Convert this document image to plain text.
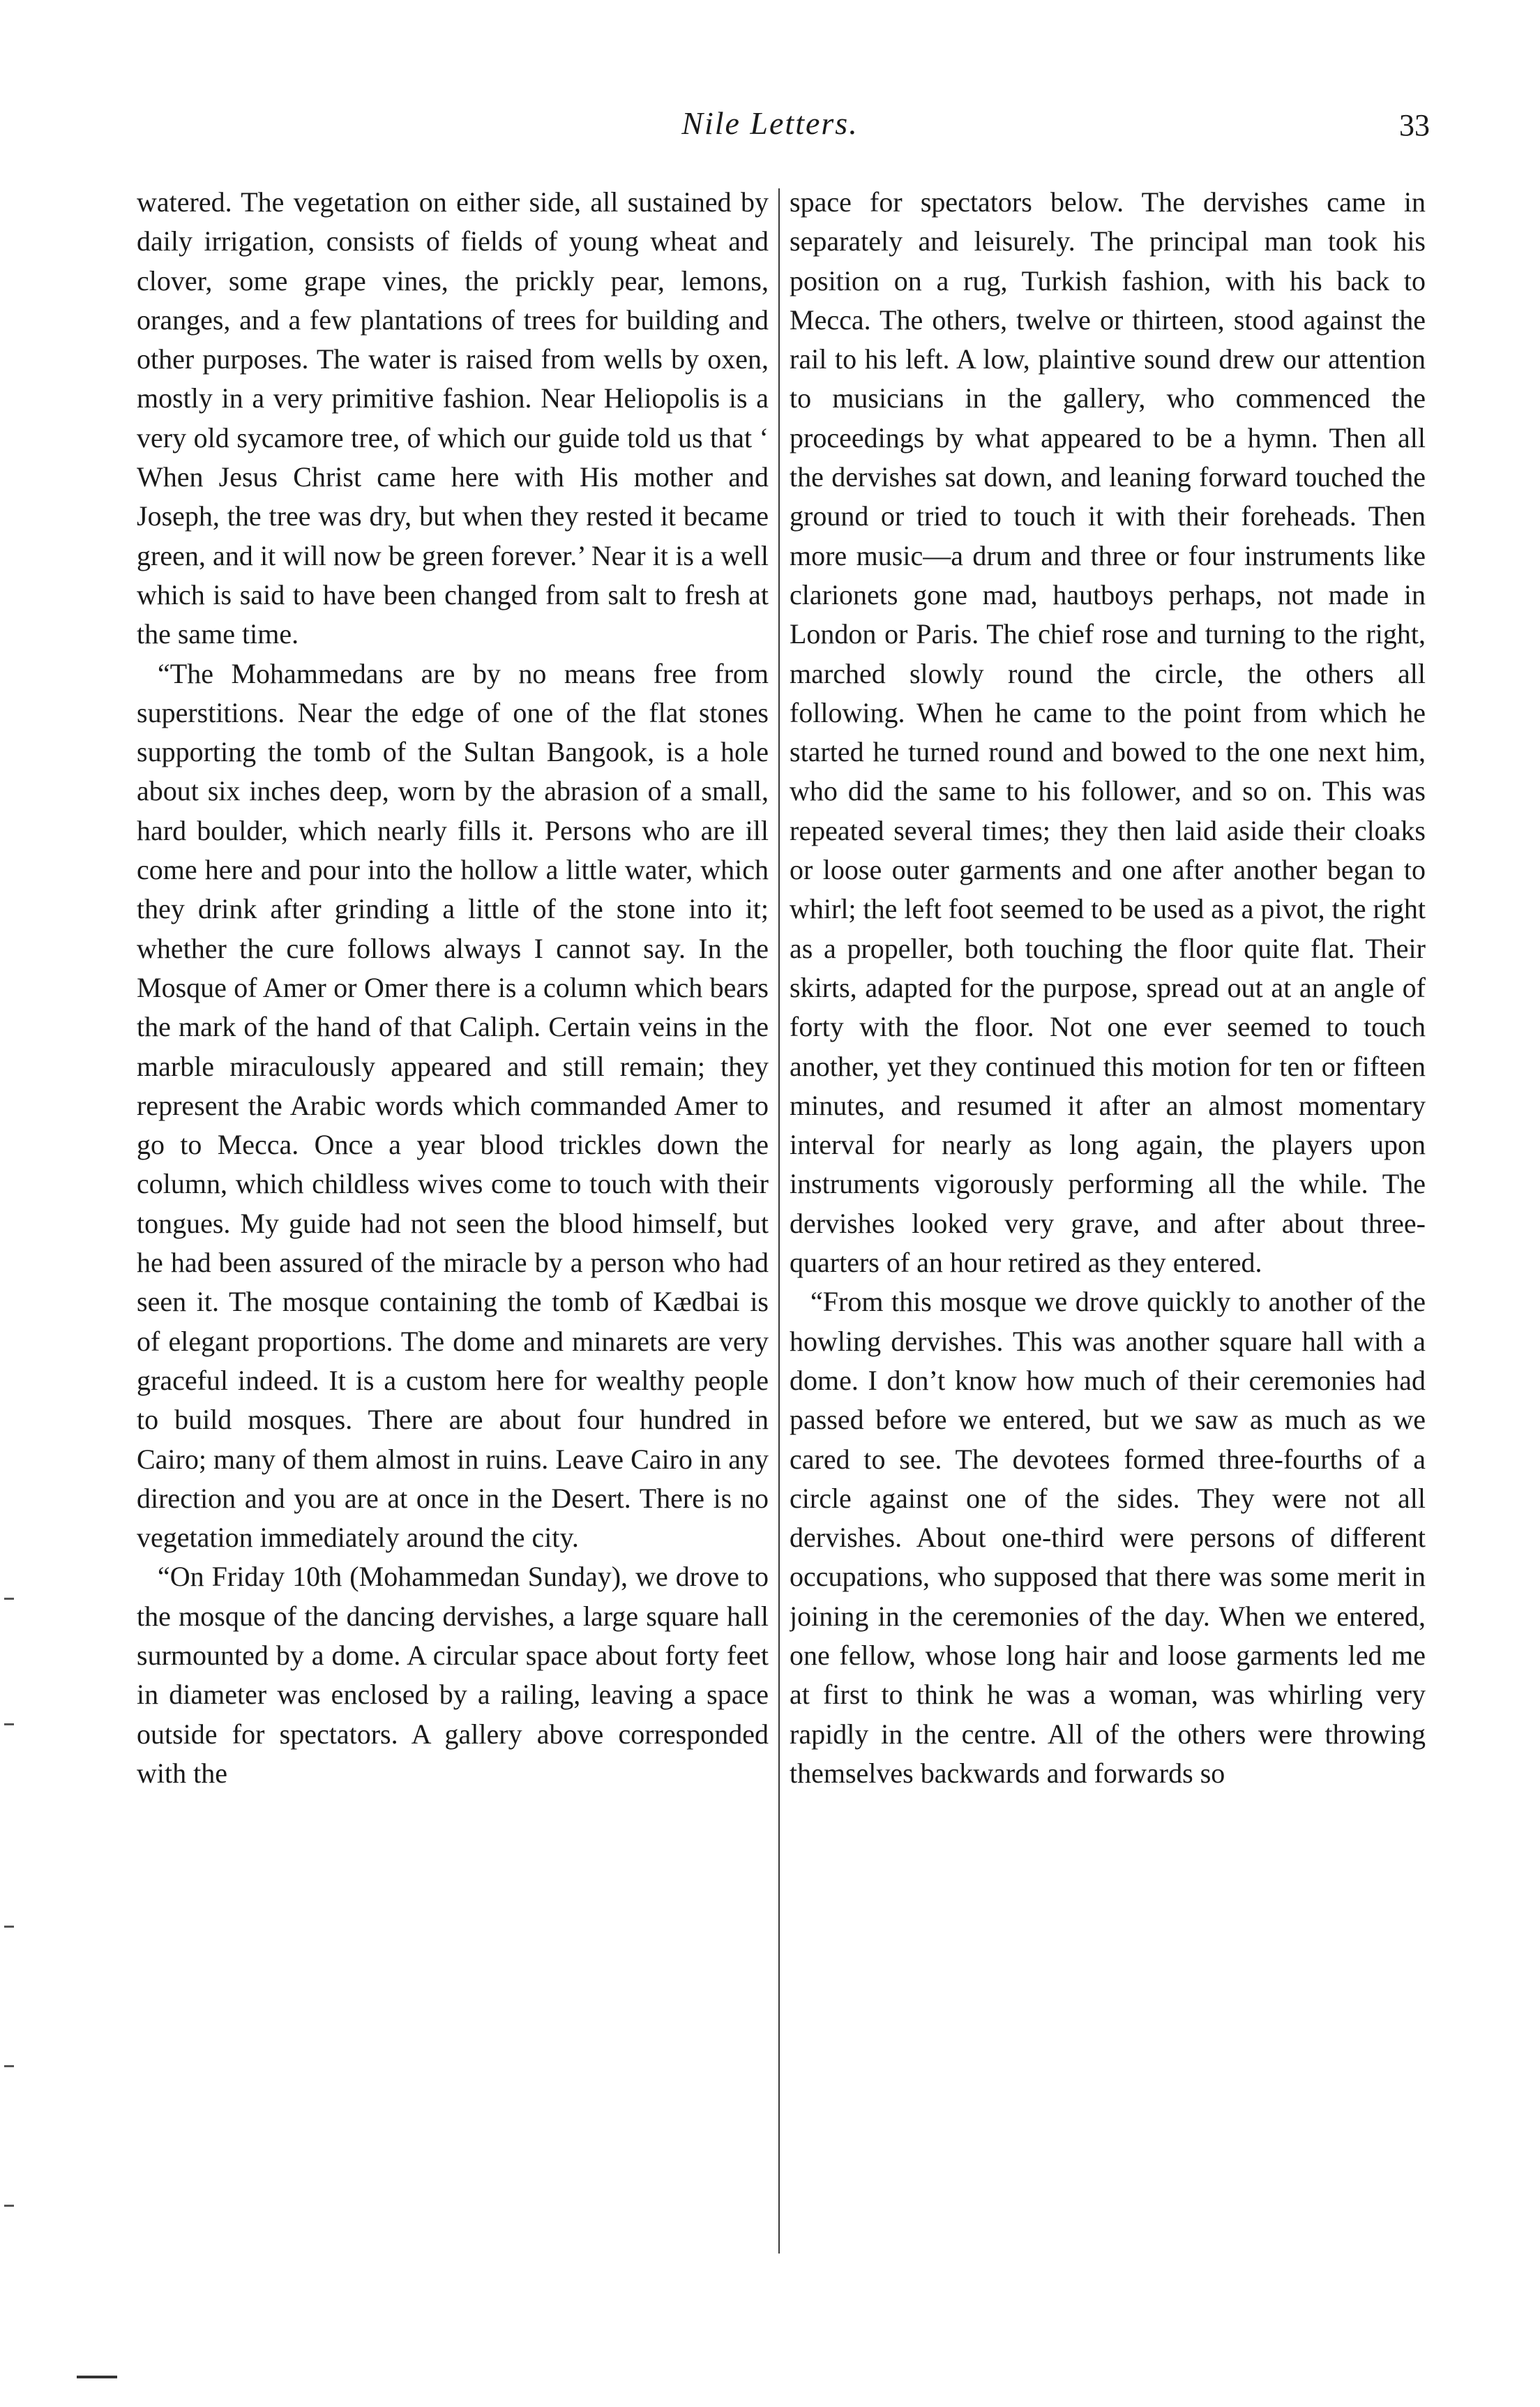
Nile Letters.	33

watered. The vegetation on either side, all sustained by daily irrigation, consists of fields of young wheat and clover, some grape vines, the prickly pear, lemons, oranges, and a few plantations of trees for building and other purposes. The water is raised from wells by oxen, mostly in a very primitive fashion. Near Heliopolis is a very old sycamore tree, of which our guide told us that ‘ When Jesus Christ came here with His mother and Joseph, the tree was dry, but when they rested it became green, and it will now be green forever.’ Near it is a well which is said to have been changed from salt to fresh at the same time.

“The Mohammedans are by no means free from superstitions. Near the edge of one of the flat stones supporting the tomb of the Sultan Bangook, is a hole about six inches deep, worn by the abrasion of a small, hard boulder, which nearly fills it. Persons who are ill come here and pour into the hollow a little water, which they drink after grinding a little of the stone into it; whether the cure follows always I cannot say. In the Mosque of Amer or Omer there is a column which bears the mark of the hand of that Caliph. Certain veins in the marble miraculously appeared and still remain; they represent the Arabic words which commanded Amer to go to Mecca. Once a year blood trickles down the column, which childless wives come to touch with their tongues. My guide had not seen the blood himself, but he had been assured of the miracle by a person who had seen it. The mosque containing the tomb of Kædbai is of elegant proportions. The dome and minarets are very graceful indeed. It is a custom here for wealthy people to build mosques. There are about four hundred in Cairo; many of them almost in ruins. Leave Cairo in any direction and you are at once in the Desert. There is no vegetation immediately around the city.

“On Friday 10th (Mohammedan Sunday), we drove to the mosque of the dancing dervishes, a large square hall surmounted by a dome. A circular space about forty feet in diameter was enclosed by a railing, leaving a space outside for spectators. A gallery above corresponded with the

space for spectators below. The dervishes came in separately and leisurely. The principal man took his position on a rug, Turkish fashion, with his back to Mecca. The others, twelve or thirteen, stood against the rail to his left. A low, plaintive sound drew our attention to musicians in the gallery, who commenced the proceedings by what appeared to be a hymn. Then all the dervishes sat down, and leaning forward touched the ground or tried to touch it with their foreheads. Then more music—a drum and three or four instruments like clarionets gone mad, hautboys perhaps, not made in London or Paris. The chief rose and turning to the right, marched slowly round the circle, the others all following. When he came to the point from which he started he turned round and bowed to the one next him, who did the same to his follower, and so on. This was repeated several times; they then laid aside their cloaks or loose outer garments and one after another began to whirl; the left foot seemed to be used as a pivot, the right as a propeller, both touching the floor quite flat. Their skirts, adapted for the purpose, spread out at an angle of forty with the floor. Not one ever seemed to touch another, yet they continued this motion for ten or fifteen minutes, and resumed it after an almost momentary interval for nearly as long again, the players upon instruments vigorously performing all the while. The dervishes looked very grave, and after about three-quarters of an hour retired as they entered.

“From this mosque we drove quickly to another of the howling dervishes. This was another square hall with a dome. I don’t know how much of their ceremonies had passed before we entered, but we saw as much as we cared to see. The devotees formed three-fourths of a circle against one of the sides. They were not all dervishes. About one-third were persons of different occupations, who supposed that there was some merit in joining in the ceremonies of the day. When we entered, one fellow, whose long hair and loose garments led me at first to think he was a woman, was whirling very rapidly in the centre. All of the others were throwing themselves backwards and forwards so
